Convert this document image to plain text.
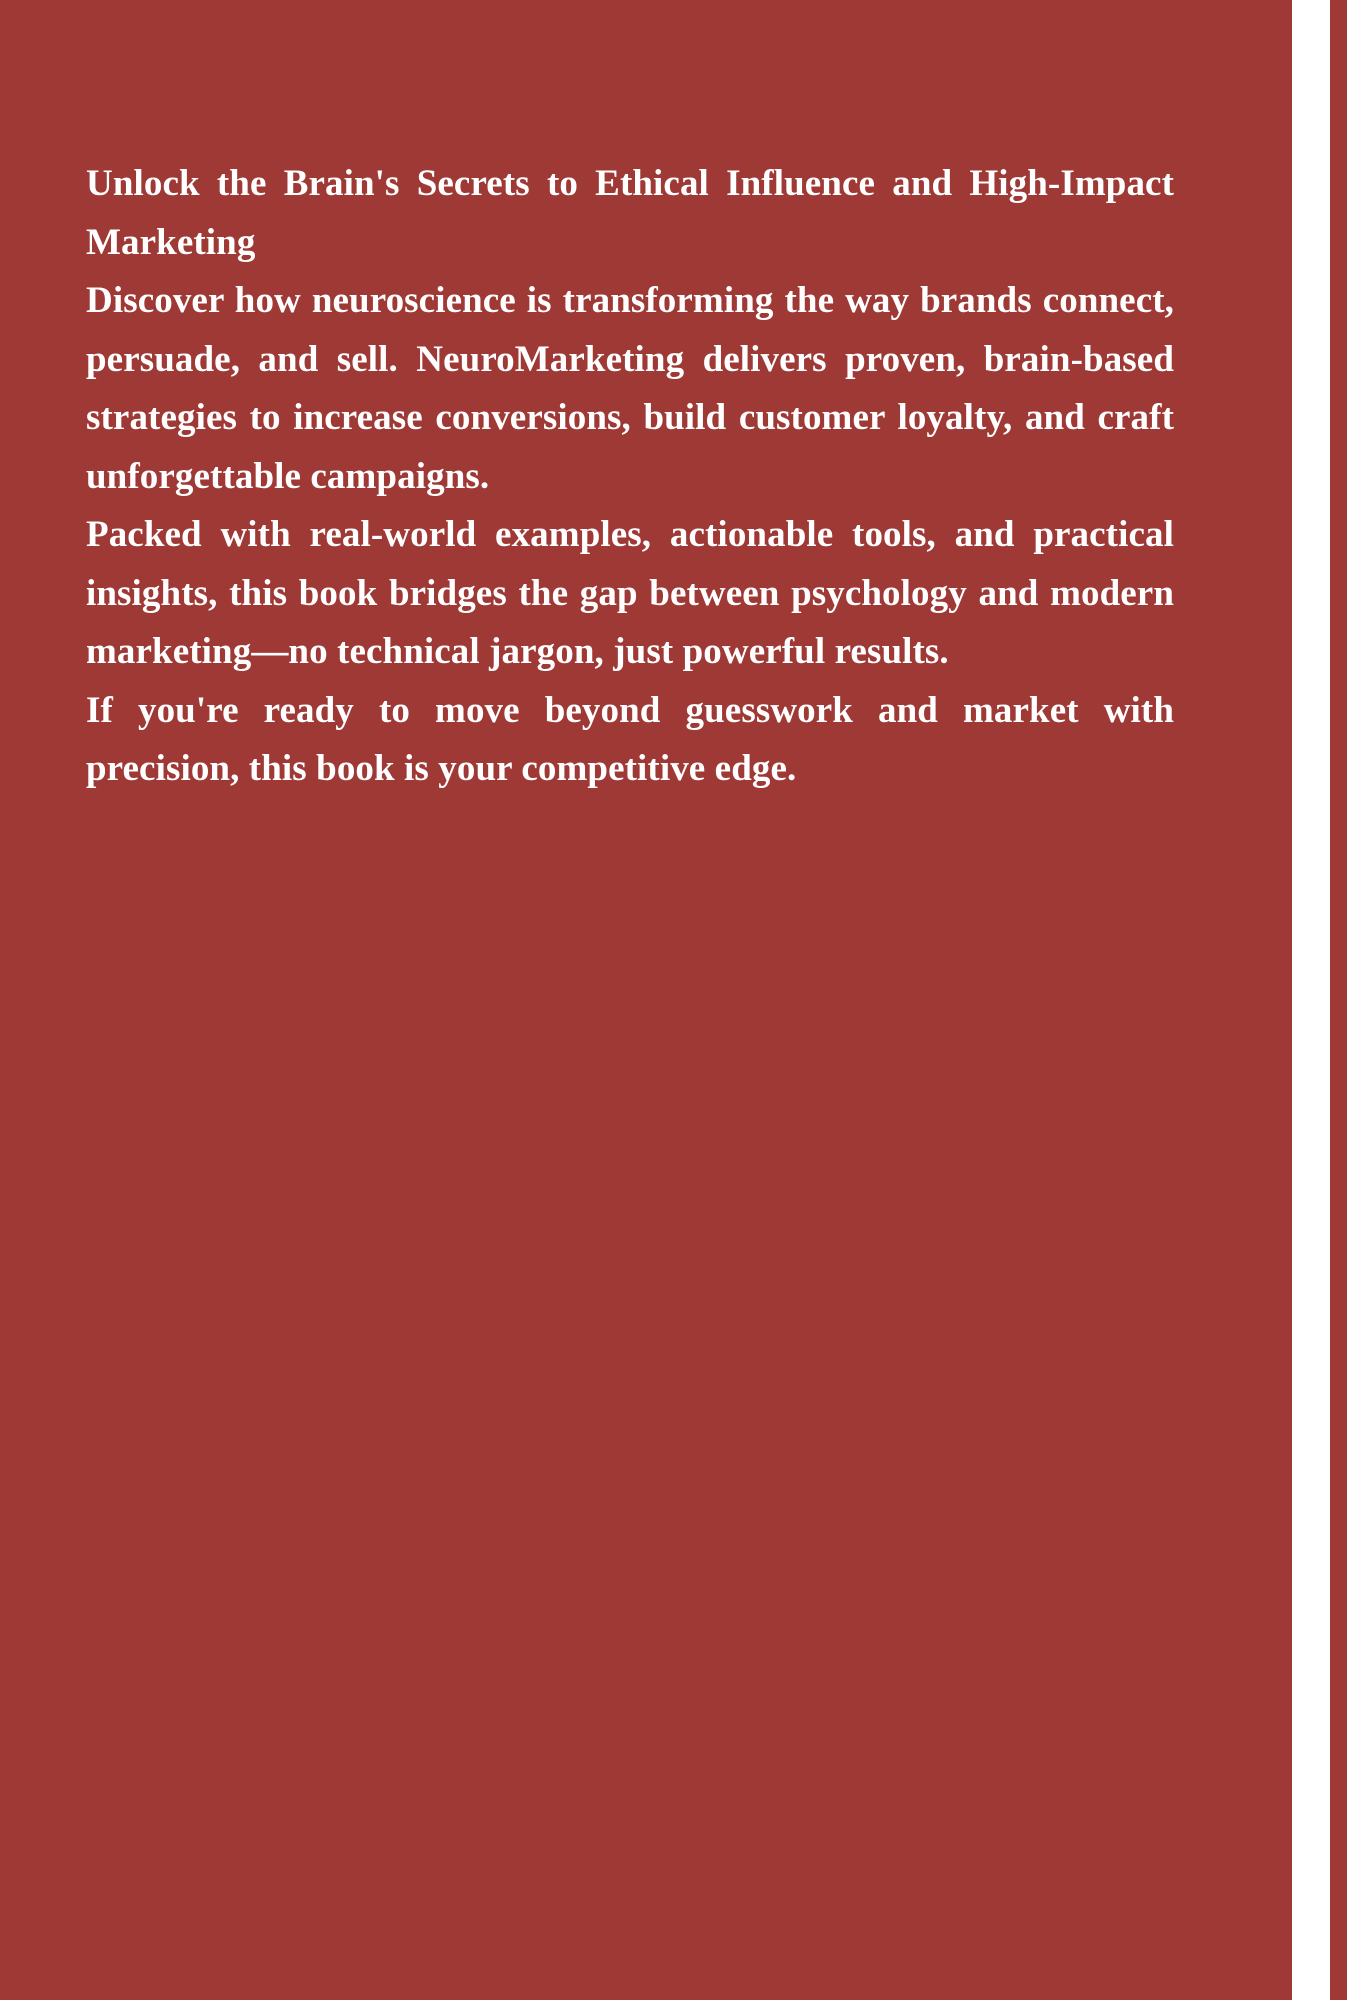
Unlock the Brain's Secrets to Ethical Influence and High-Impact Marketing

Discover how neuroscience is transforming the way brands connect, persuade, and sell. NeuroMarketing delivers proven, brain-based strategies to increase conversions, build customer loyalty, and craft unforgettable campaigns.

Packed with real-world examples, actionable tools, and practical insights, this book bridges the gap between psychology and modern marketing—no technical jargon, just powerful results.

If you're ready to move beyond guesswork and market with precision, this book is your competitive edge.
